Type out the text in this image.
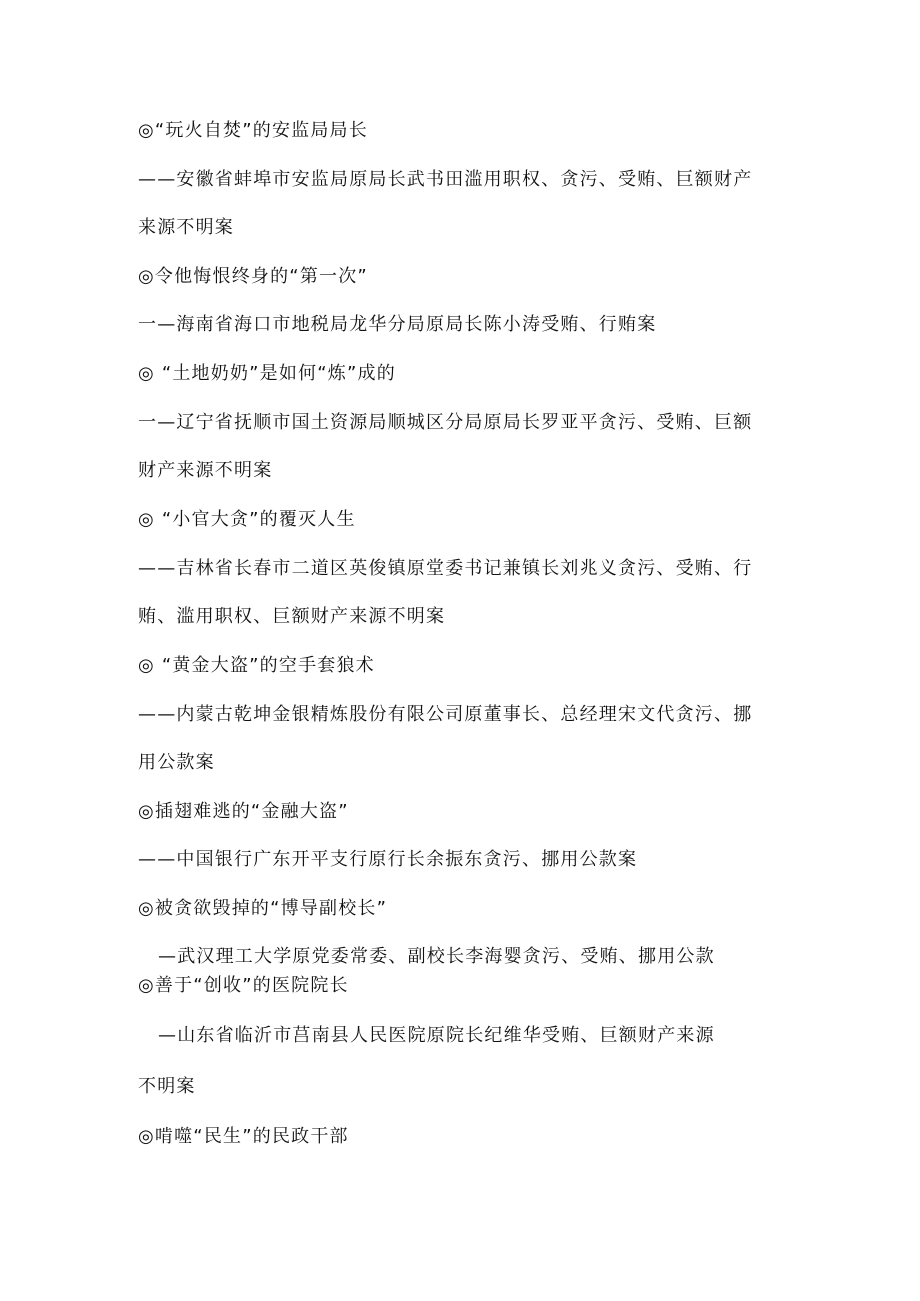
◎“玩火自焚”的安监局局长
——安徽省蚌埠市安监局原局长武书田滥用职权、贪污、受贿、巨额财产
来源不明案
◎令他悔恨终身的“第一次”
一—海南省海口市地税局龙华分局原局长陈小涛受贿、行贿案
◎ “土地奶奶”是如何“炼”成的
一—辽宁省抚顺市国土资源局顺城区分局原局长罗亚平贪污、受贿、巨额
财产来源不明案
◎ “小官大贪”的覆灭人生
——吉林省长春市二道区英俊镇原堂委书记兼镇长刘兆义贪污、受贿、行
贿、滥用职权、巨额财产来源不明案
◎ “黄金大盗”的空手套狼术
——内蒙古乾坤金银精炼股份有限公司原董事长、总经理宋文代贪污、挪
用公款案
◎插翅难逃的“金融大盗”
——中国银行广东开平支行原行长余振东贪污、挪用公款案
◎被贪欲毁掉的“博导副校长”
—武汉理工大学原党委常委、副校长李海婴贪污、受贿、挪用公款
◎善于“创收”的医院院长
—山东省临沂市莒南县人民医院原院长纪维华受贿、巨额财产来源
不明案
◎啃噬“民生”的民政干部
